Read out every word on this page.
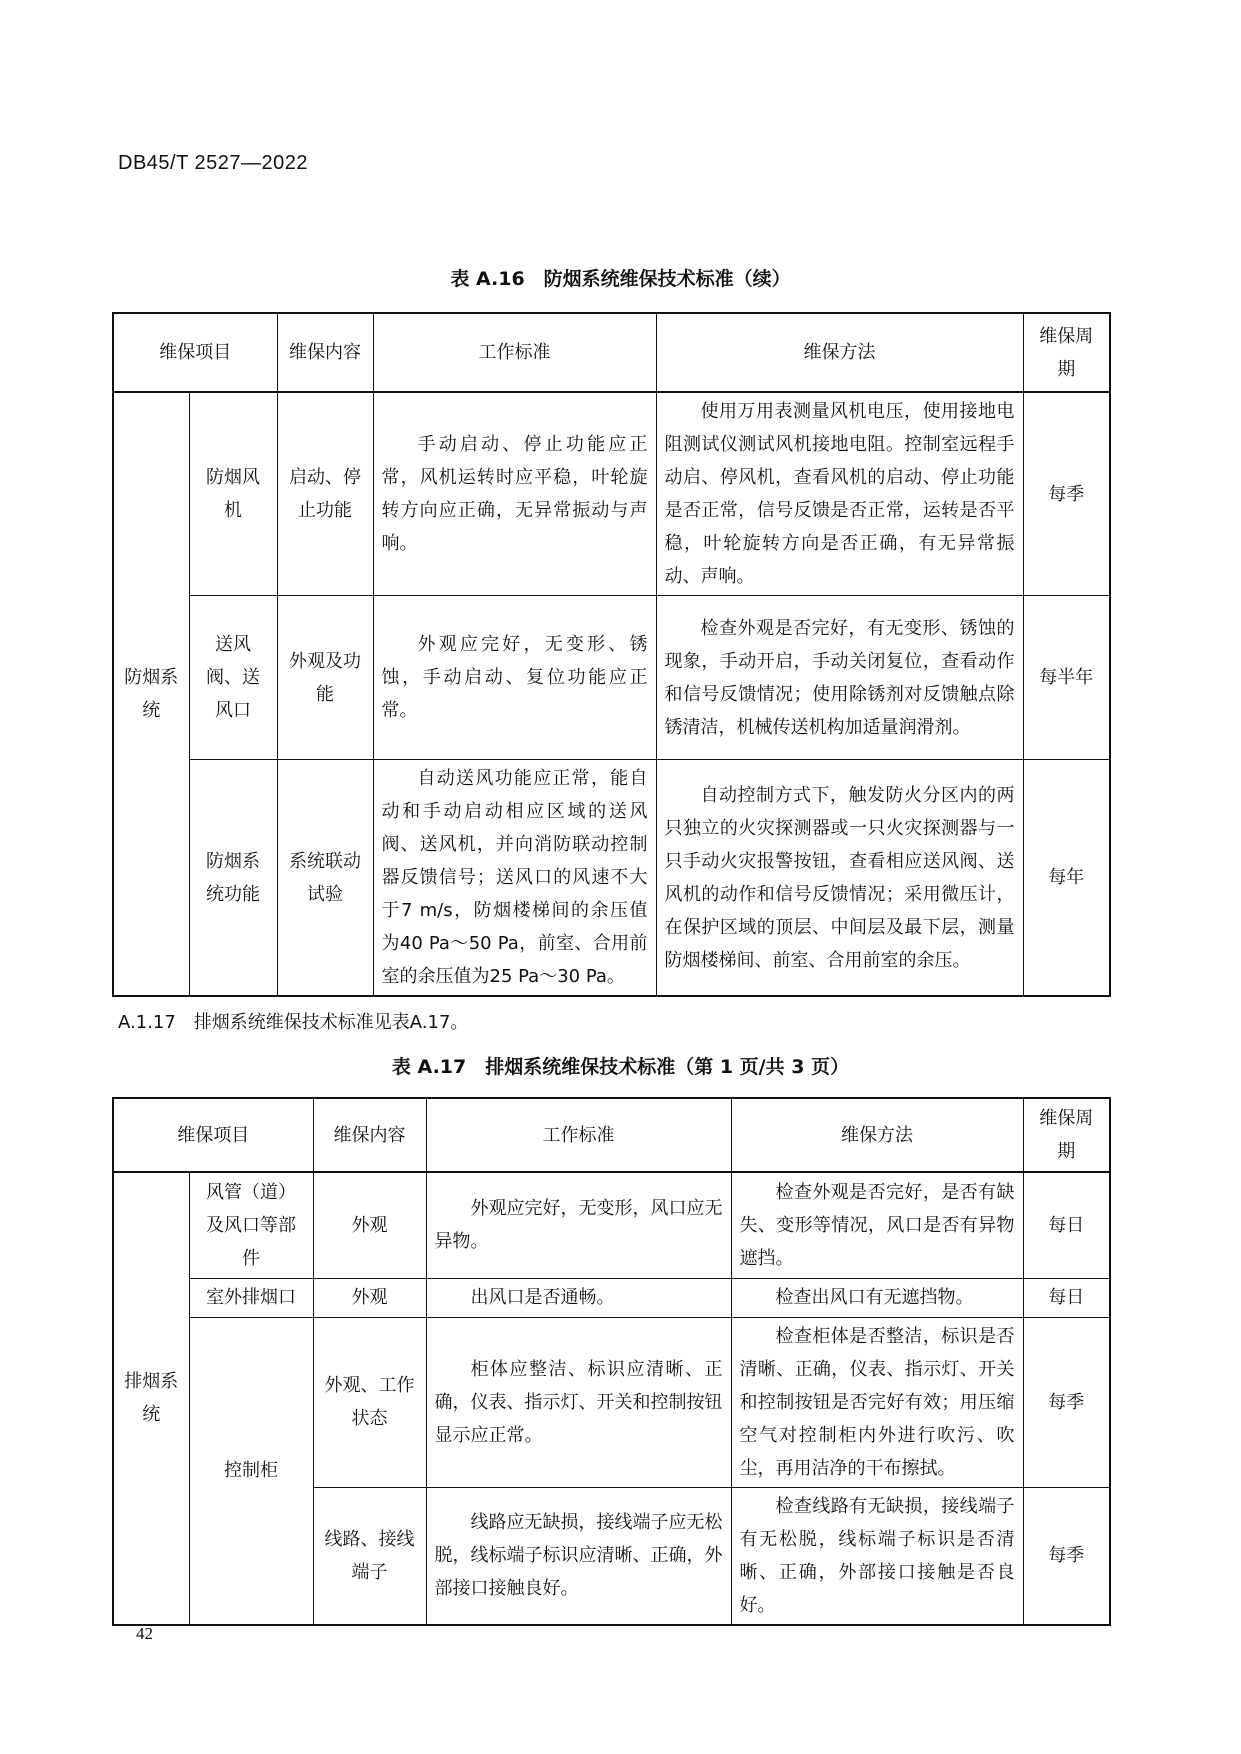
DB45/T 2527—2022
表 A.16　防烟系统维保技术标准（续）
维保项目		维保内容	工作标准	维保方法	维保周期
防烟系统	防烟风机	启动、停止功能	手动启动、停止功能应正常，风机运转时应平稳，叶轮旋转方向应正确，无异常振动与声响。	使用万用表测量风机电压，使用接地电阻测试仪测试风机接地电阻。控制室远程手动启、停风机，查看风机的启动、停止功能是否正常，信号反馈是否正常，运转是否平稳，叶轮旋转方向是否正确，有无异常振动、声响。	每季
	送风阀、送风口	外观及功能	外观应完好，无变形、锈蚀，手动启动、复位功能应正常。	检查外观是否完好，有无变形、锈蚀的现象，手动开启，手动关闭复位，查看动作和信号反馈情况；使用除锈剂对反馈触点除锈清洁，机械传送机构加适量润滑剂。	每半年
	防烟系统功能	系统联动试验	自动送风功能应正常，能自动和手动启动相应区域的送风阀、送风机，并向消防联动控制器反馈信号；送风口的风速不大于7 m/s，防烟楼梯间的余压值为40 Pa～50 Pa，前室、合用前室的余压值为25 Pa～30 Pa。	自动控制方式下，触发防火分区内的两只独立的火灾探测器或一只火灾探测器与一只手动火灾报警按钮，查看相应送风阀、送风机的动作和信号反馈情况；采用微压计，在保护区域的顶层、中间层及最下层，测量防烟楼梯间、前室、合用前室的余压。	每年
A.1.17　排烟系统维保技术标准见表A.17。
表 A.17　排烟系统维保技术标准（第 1 页/共 3 页）
维保项目		维保内容	工作标准	维保方法	维保周期
排烟系统	风管（道）及风口等部件	外观	外观应完好，无变形，风口应无异物。	检查外观是否完好，是否有缺失、变形等情况，风口是否有异物遮挡。	每日
	室外排烟口	外观	出风口是否通畅。	检查出风口有无遮挡物。	每日
	控制柜	外观、工作状态	柜体应整洁、标识应清晰、正确，仪表、指示灯、开关和控制按钮显示应正常。	检查柜体是否整洁，标识是否清晰、正确，仪表、指示灯、开关和控制按钮是否完好有效；用压缩空气对控制柜内外进行吹污、吹尘，再用洁净的干布擦拭。	每季
		线路、接线端子	线路应无缺损，接线端子应无松脱，线标端子标识应清晰、正确，外部接口接触良好。	检查线路有无缺损，接线端子有无松脱，线标端子标识是否清晰、正确，外部接口接触是否良好。	每季
42
